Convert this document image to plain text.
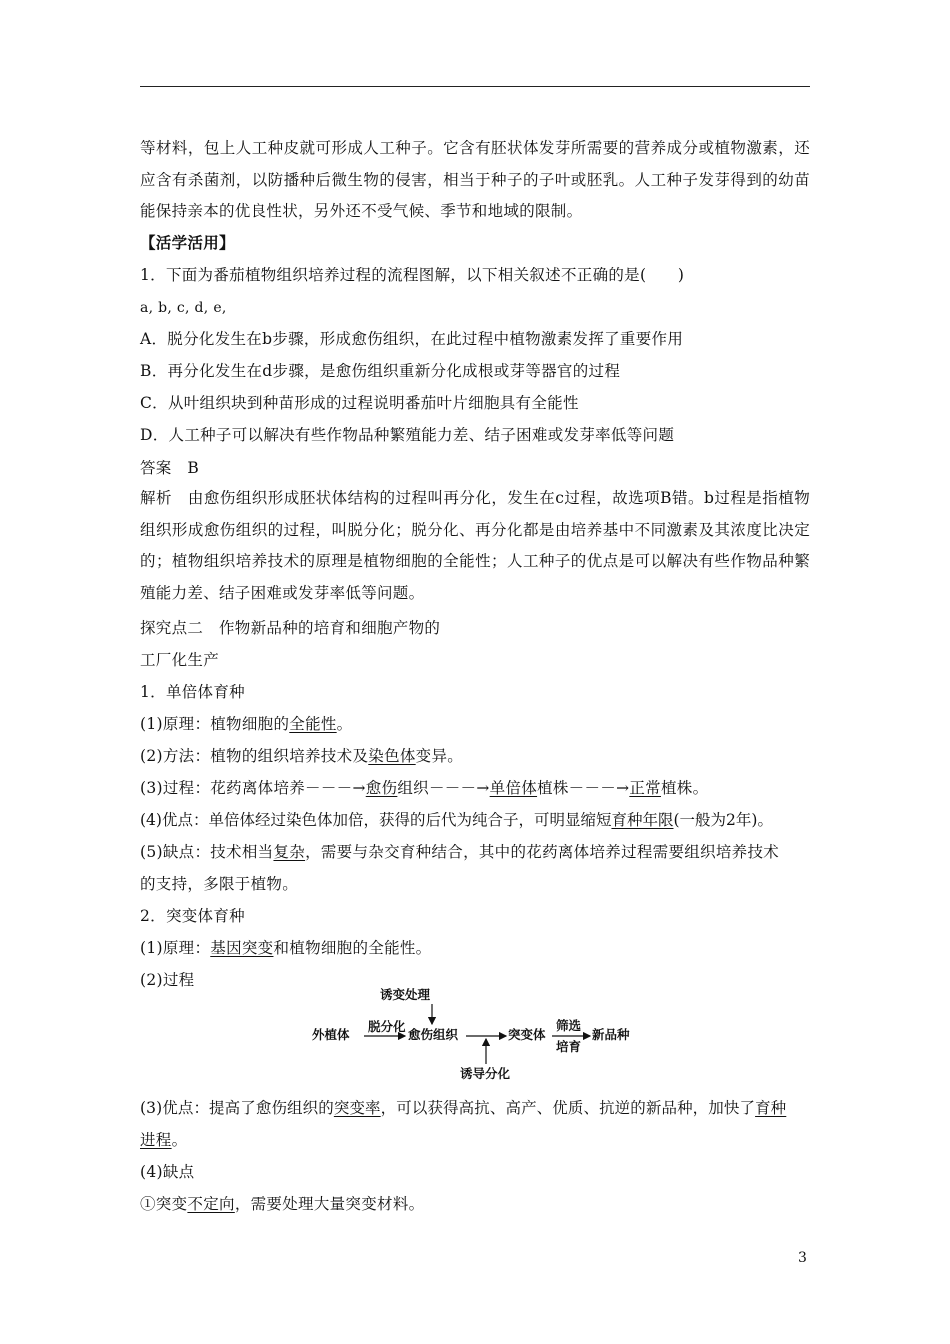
等材料，包上人工种皮就可形成人工种子。它含有胚状体发芽所需要的营养成分或植物激素，还应含有杀菌剂，以防播种后微生物的侵害，相当于种子的子叶或胚乳。人工种子发芽得到的幼苗能保持亲本的优良性状，另外还不受气候、季节和地域的限制。
【活学活用】
1．下面为番茄植物组织培养过程的流程图解，以下相关叙述不正确的是(　　)
a, b, c, d, e,
A．脱分化发生在b步骤，形成愈伤组织，在此过程中植物激素发挥了重要作用
B．再分化发生在d步骤，是愈伤组织重新分化成根或芽等器官的过程
C．从叶组织块到种苗形成的过程说明番茄叶片细胞具有全能性
D．人工种子可以解决有些作物品种繁殖能力差、结子困难或发芽率低等问题
答案　B
解析　由愈伤组织形成胚状体结构的过程叫再分化，发生在c过程，故选项B错。b过程是指植物组织形成愈伤组织的过程，叫脱分化；脱分化、再分化都是由培养基中不同激素及其浓度比决定的；植物组织培养技术的原理是植物细胞的全能性；人工种子的优点是可以解决有些作物品种繁殖能力差、结子困难或发芽率低等问题。
探究点二　作物新品种的培育和细胞产物的
工厂化生产
1．单倍体育种
(1)原理：植物细胞的全能性。
(2)方法：植物的组织培养技术及染色体变异。
(3)过程：花药离体培养－－－→愈伤组织－－－→单倍体植株－－－→正常植株。
(4)优点：单倍体经过染色体加倍，获得的后代为纯合子，可明显缩短育种年限(一般为2年)。
(5)缺点：技术相当复杂，需要与杂交育种结合，其中的花药离体培养过程需要组织培养技术
的支持，多限于植物。
2．突变体育种
(1)原理：基因突变和植物细胞的全能性。
(2)过程
诱变处理
外植体
脱分化
愈伤组织	突变体
筛选
培育
新品种
诱导分化
(3)优点：提高了愈伤组织的突变率，可以获得高抗、高产、优质、抗逆的新品种，加快了育种
进程。
(4)缺点
①突变不定向，需要处理大量突变材料。
3
